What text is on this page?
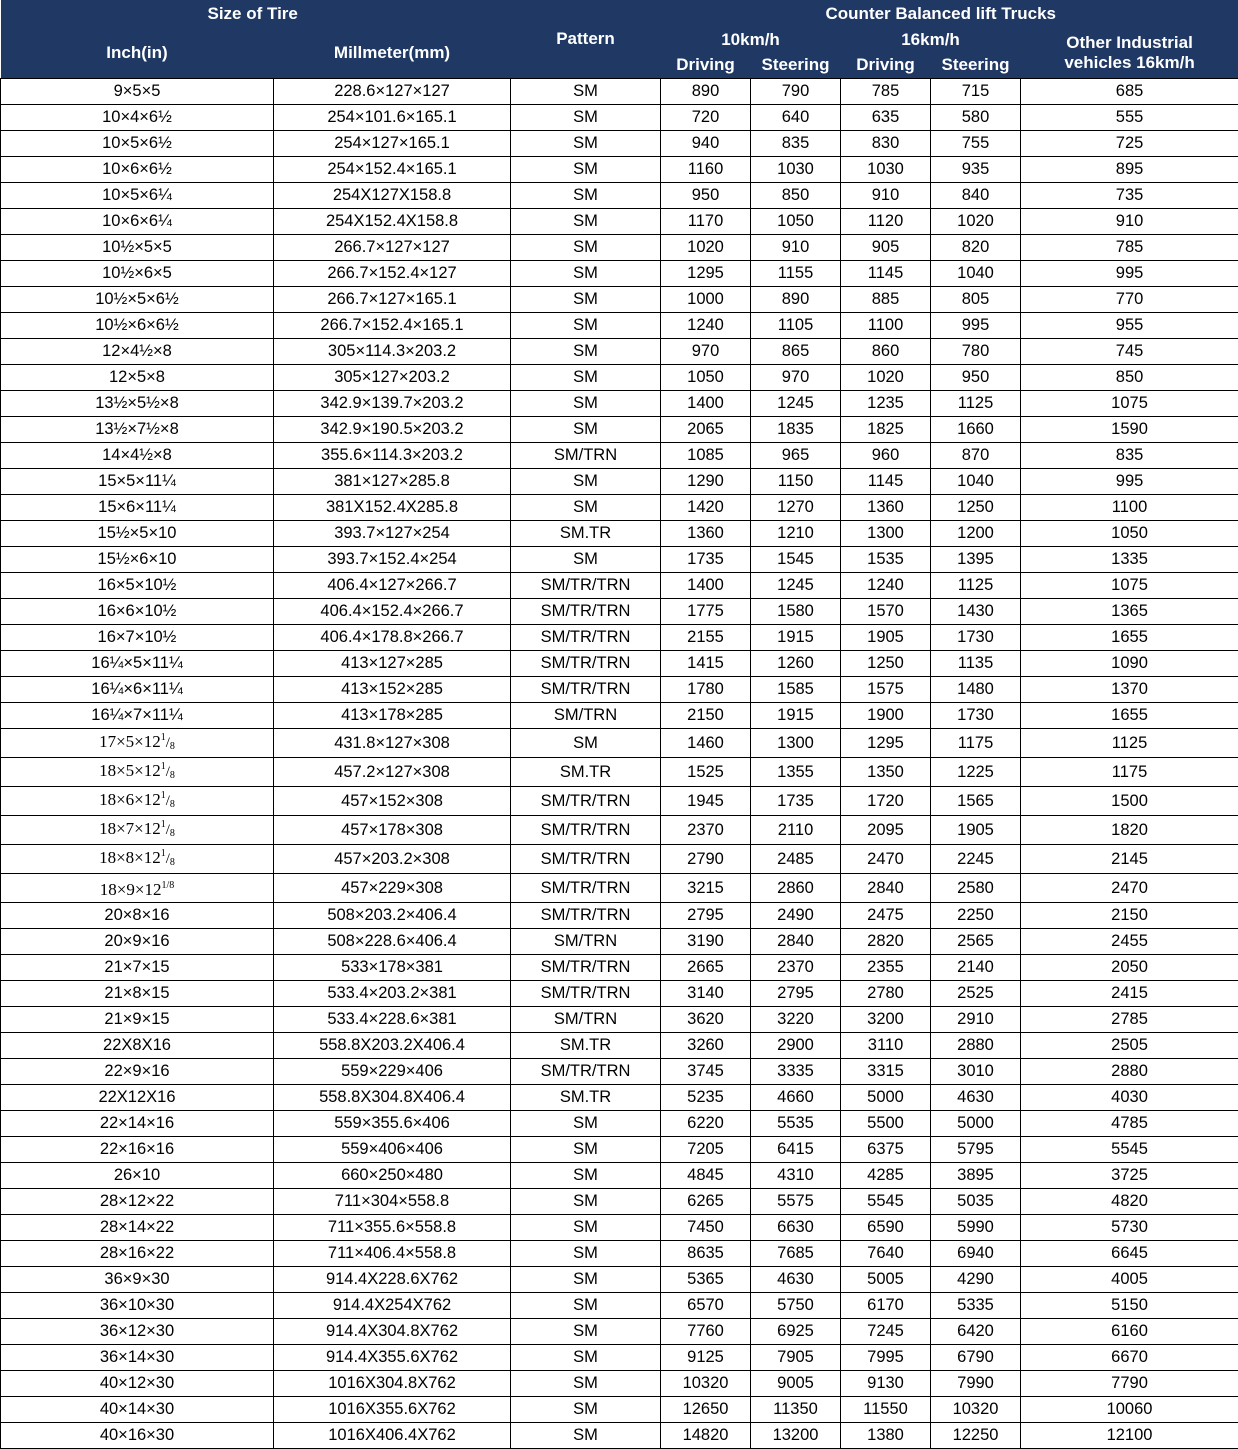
Size of Tire		Pattern	Counter Balanced lift Trucks				
Inch(in)	Millmeter(mm)		10km/h		16km/h		Other Industrial vehicles 16km/h
			Driving	Steering	Driving	Steering	
9×5×5	228.6×127×127	SM	890	790	785	715	685
10×4×6½	254×101.6×165.1	SM	720	640	635	580	555
10×5×6½	254×127×165.1	SM	940	835	830	755	725
10×6×6½	254×152.4×165.1	SM	1160	1030	1030	935	895
10×5×6¼	254X127X158.8	SM	950	850	910	840	735
10×6×6¼	254X152.4X158.8	SM	1170	1050	1120	1020	910
10½×5×5	266.7×127×127	SM	1020	910	905	820	785
10½×6×5	266.7×152.4×127	SM	1295	1155	1145	1040	995
10½×5×6½	266.7×127×165.1	SM	1000	890	885	805	770
10½×6×6½	266.7×152.4×165.1	SM	1240	1105	1100	995	955
12×4½×8	305×114.3×203.2	SM	970	865	860	780	745
12×5×8	305×127×203.2	SM	1050	970	1020	950	850
13½×5½×8	342.9×139.7×203.2	SM	1400	1245	1235	1125	1075
13½×7½×8	342.9×190.5×203.2	SM	2065	1835	1825	1660	1590
14×4½×8	355.6×114.3×203.2	SM/TRN	1085	965	960	870	835
15×5×11¼	381×127×285.8	SM	1290	1150	1145	1040	995
15×6×11¼	381X152.4X285.8	SM	1420	1270	1360	1250	1100
15½×5×10	393.7×127×254	SM.TR	1360	1210	1300	1200	1050
15½×6×10	393.7×152.4×254	SM	1735	1545	1535	1395	1335
16×5×10½	406.4×127×266.7	SM/TR/TRN	1400	1245	1240	1125	1075
16×6×10½	406.4×152.4×266.7	SM/TR/TRN	1775	1580	1570	1430	1365
16×7×10½	406.4×178.8×266.7	SM/TR/TRN	2155	1915	1905	1730	1655
16¼×5×11¼	413×127×285	SM/TR/TRN	1415	1260	1250	1135	1090
16¼×6×11¼	413×152×285	SM/TR/TRN	1780	1585	1575	1480	1370
16¼×7×11¼	413×178×285	SM/TRN	2150	1915	1900	1730	1655
$17\times 5\times 12^1/8$	431.8×127×308	SM	1460	1300	1295	1175	1125
$18\times 5\times 12^1/8$	457.2×127×308	SM.TR	1525	1355	1350	1225	1175
$18\times 6\times 12^1/8$	457×152×308	SM/TR/TRN	1945	1735	1720	1565	1500
$18\times 7\times 12^1/8$	457×178×308	SM/TR/TRN	2370	2110	2095	1905	1820
$18\times 8\times 12^1/8$	457×203.2×308	SM/TR/TRN	2790	2485	2470	2245	2145
$18\times 9\times 12^{1/8}$	457×229×308	SM/TR/TRN	3215	2860	2840	2580	2470
20×8×16	508×203.2×406.4	SM/TR/TRN	2795	2490	2475	2250	2150
20×9×16	508×228.6×406.4	SM/TRN	3190	2840	2820	2565	2455
21×7×15	533×178×381	SM/TR/TRN	2665	2370	2355	2140	2050
21×8×15	533.4×203.2×381	SM/TR/TRN	3140	2795	2780	2525	2415
21×9×15	533.4×228.6×381	SM/TRN	3620	3220	3200	2910	2785
22X8X16	558.8X203.2X406.4	SM.TR	3260	2900	3110	2880	2505
22×9×16	559×229×406	SM/TR/TRN	3745	3335	3315	3010	2880
22X12X16	558.8X304.8X406.4	SM.TR	5235	4660	5000	4630	4030
22×14×16	559×355.6×406	SM	6220	5535	5500	5000	4785
22×16×16	559×406×406	SM	7205	6415	6375	5795	5545
26×10	660×250×480	SM	4845	4310	4285	3895	3725
28×12×22	711×304×558.8	SM	6265	5575	5545	5035	4820
28×14×22	711×355.6×558.8	SM	7450	6630	6590	5990	5730
28×16×22	711×406.4×558.8	SM	8635	7685	7640	6940	6645
36×9×30	914.4X228.6X762	SM	5365	4630	5005	4290	4005
36×10×30	914.4X254X762	SM	6570	5750	6170	5335	5150
36×12×30	914.4X304.8X762	SM	7760	6925	7245	6420	6160
36×14×30	914.4X355.6X762	SM	9125	7905	7995	6790	6670
40×12×30	1016X304.8X762	SM	10320	9005	9130	7990	7790
40×14×30	1016X355.6X762	SM	12650	11350	11550	10320	10060
40×16×30	1016X406.4X762	SM	14820	13200	1380	12250	12100
